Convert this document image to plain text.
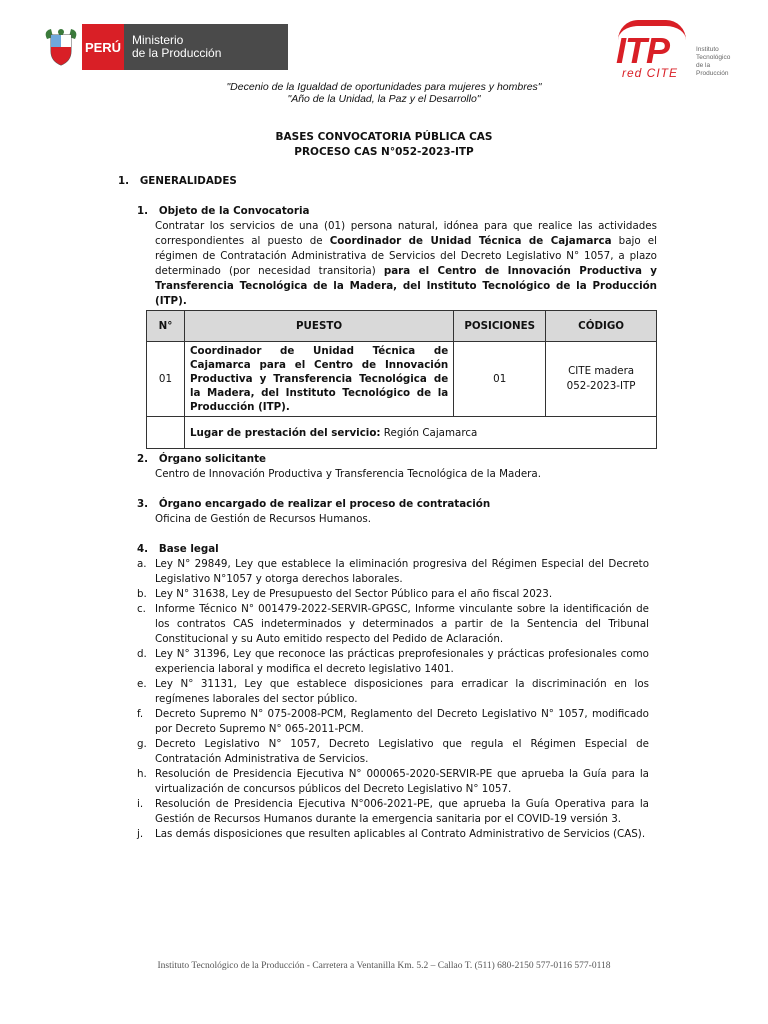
PERÚ Ministerio
de la Producción	ITP
red CITE
Instituto
Tecnológico
de la Producción
"Decenio de la Igualdad de oportunidades para mujeres y hombres"
"Año de la Unidad, la Paz y el Desarrollo"
BASES CONVOCATORIA PÚBLICA CAS
PROCESO CAS N°052-2023-ITP
1. GENERALIDADES
1. Objeto de la Convocatoria
Contratar los servicios de una (01) persona natural, idónea para que realice las actividades correspondientes al puesto de Coordinador de Unidad Técnica de Cajamarca bajo el régimen de Contratación Administrativa de Servicios del Decreto Legislativo N° 1057, a plazo determinado (por necesidad transitoria) para el Centro de Innovación Productiva y Transferencia Tecnológica de la Madera, del Instituto Tecnológico de la Producción (ITP).
N°	PUESTO	POSICIONES	CÓDIGO
01	Coordinador de Unidad Técnica de Cajamarca para el Centro de Innovación Productiva y Transferencia Tecnológica de la Madera, del Instituto Tecnológico de la Producción (ITP).	01	CITE madera
052-2023-ITP

	Lugar de prestación del servicio: Región Cajamarca		
2. Órgano solicitante
Centro de Innovación Productiva y Transferencia Tecnológica de la Madera.
3. Órgano encargado de realizar el proceso de contratación
Oficina de Gestión de Recursos Humanos.
4. Base legal
a. Ley N° 29849, Ley que establece la eliminación progresiva del Régimen Especial del Decreto Legislativo N°1057 y otorga derechos laborales.
b. Ley N° 31638, Ley de Presupuesto del Sector Público para el año fiscal 2023.
c. Informe Técnico N° 001479-2022-SERVIR-GPGSC, Informe vinculante sobre la identificación de los contratos CAS indeterminados y determinados a partir de la Sentencia del Tribunal Constitucional y su Auto emitido respecto del Pedido de Aclaración.
d. Ley N° 31396, Ley que reconoce las prácticas preprofesionales y prácticas profesionales como experiencia laboral y modifica el decreto legislativo 1401.
e. Ley N° 31131, Ley que establece disposiciones para erradicar la discriminación en los regímenes laborales del sector público.
f.	Decreto Supremo N° 075-2008-PCM, Reglamento del Decreto Legislativo N° 1057, modificado por Decreto Supremo N° 065-2011-PCM.
g. Decreto Legislativo N° 1057, Decreto Legislativo que regula el Régimen Especial de Contratación Administrativa de Servicios.
h. Resolución de Presidencia Ejecutiva N° 000065-2020-SERVIR-PE que aprueba la Guía para la virtualización de concursos públicos del Decreto Legislativo N° 1057.
i.	Resolución de Presidencia Ejecutiva N°006-2021-PE, que aprueba la Guía Operativa para la Gestión de Recursos Humanos durante la emergencia sanitaria por el COVID-19 versión 3.
j.	Las demás disposiciones que resulten aplicables al Contrato Administrativo de Servicios (CAS).
Instituto Tecnológico de la Producción - Carretera a Ventanilla Km. 5.2 – Callao T. (511) 680-2150 577-0116 577-0118
